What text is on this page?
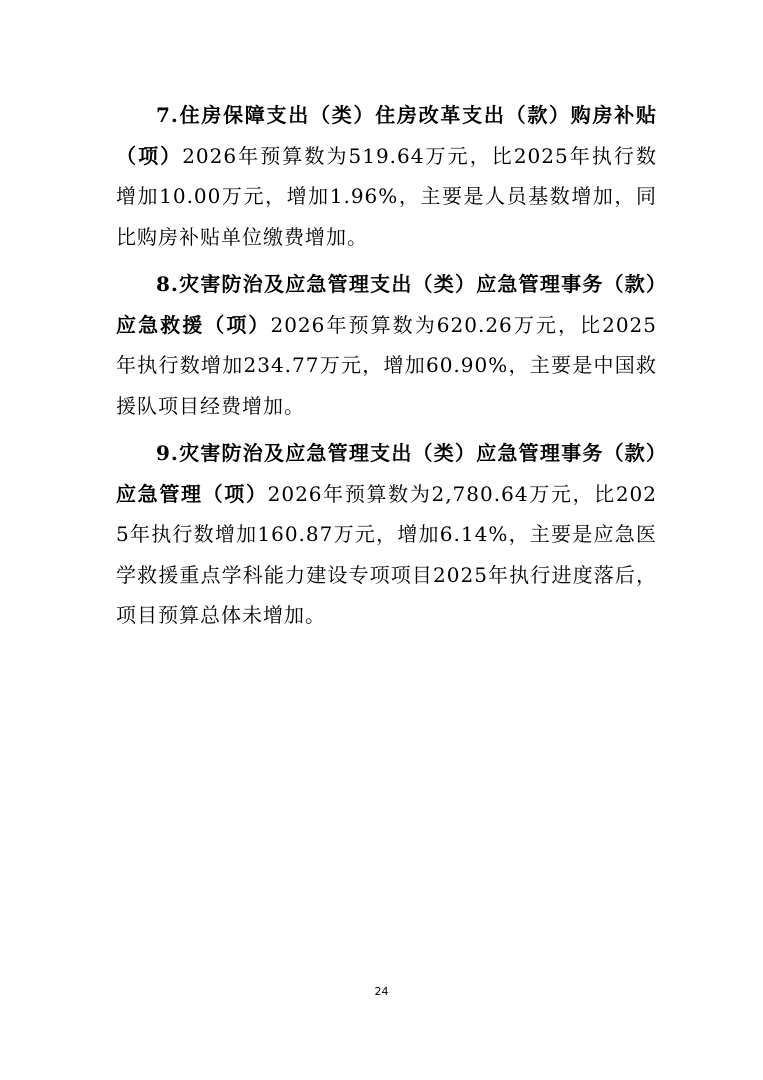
7.住房保障支出（类）住房改革支出（款）购房补贴（项）2026年预算数为519.64万元，比2025年执行数增加10.00万元，增加1.96%，主要是人员基数增加，同比购房补贴单位缴费增加。

8.灾害防治及应急管理支出（类）应急管理事务（款）应急救援（项）2026年预算数为620.26万元，比2025年执行数增加234.77万元，增加60.90%，主要是中国救援队项目经费增加。

9.灾害防治及应急管理支出（类）应急管理事务（款）应急管理（项）2026年预算数为2,780.64万元，比2025年执行数增加160.87万元，增加6.14%，主要是应急医学救援重点学科能力建设专项项目2025年执行进度落后，项目预算总体未增加。

24
